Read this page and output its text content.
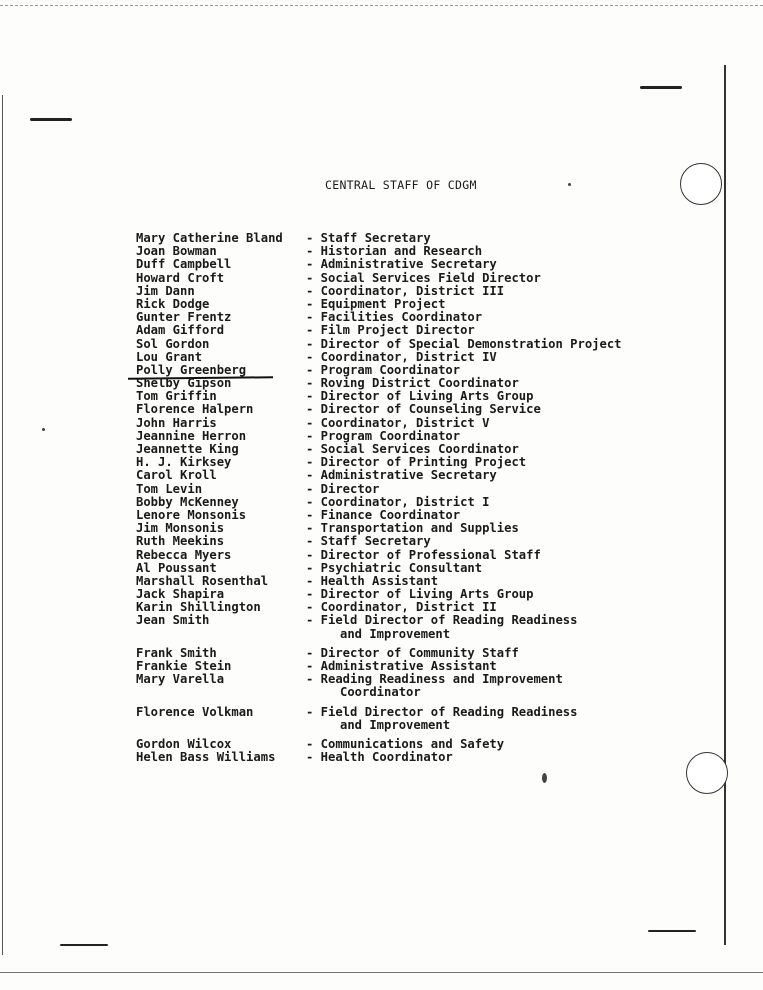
CENTRAL STAFF OF CDGM
Mary Catherine Bland - Staff Secretary
Joan Bowman	- Historian and Research
Duff Campbell	- Administrative Secretary
Howard Croft	- Social Services Field Director
Jim Dann	- Coordinator, District III
Rick Dodge	- Equipment Project
Gunter Frentz	- Facilities Coordinator
Adam Gifford	- Film Project Director
Sol Gordon	- Director of Special Demonstration Project
Lou Grant	- Coordinator, District IV
Polly Greenberg	- Program Coordinator
Shelby Gipson	- Roving District Coordinator
Tom Griffin	- Director of Living Arts Group
Florence Halpern	- Director of Counseling Service
John Harris	- Coordinator, District V
Jeannine Herron	- Program Coordinator
Jeannette King	- Social Services Coordinator
H. J. Kirksey	- Director of Printing Project
Carol Kroll	- Administrative Secretary
Tom Levin	- Director
Bobby McKenney	- Coordinator, District I
Lenore Monsonis	- Finance Coordinator
Jim Monsonis	- Transportation and Supplies
Ruth Meekins	- Staff Secretary
Rebecca Myers	- Director of Professional Staff
Al Poussant	- Psychiatric Consultant
Marshall Rosenthal	- Health Assistant
Jack Shapira	- Director of Living Arts Group
Karin Shillington	- Coordinator, District II
Jean Smith	- Field Director of Reading Readiness
and Improvement
Frank Smith	- Director of Community Staff
Frankie Stein	- Administrative Assistant
Mary Varella	- Reading Readiness and Improvement
Coordinator
Florence Volkman	- Field Director of Reading Readiness
and Improvement
Gordon Wilcox	- Communications and Safety
Helen Bass Williams	- Health Coordinator
